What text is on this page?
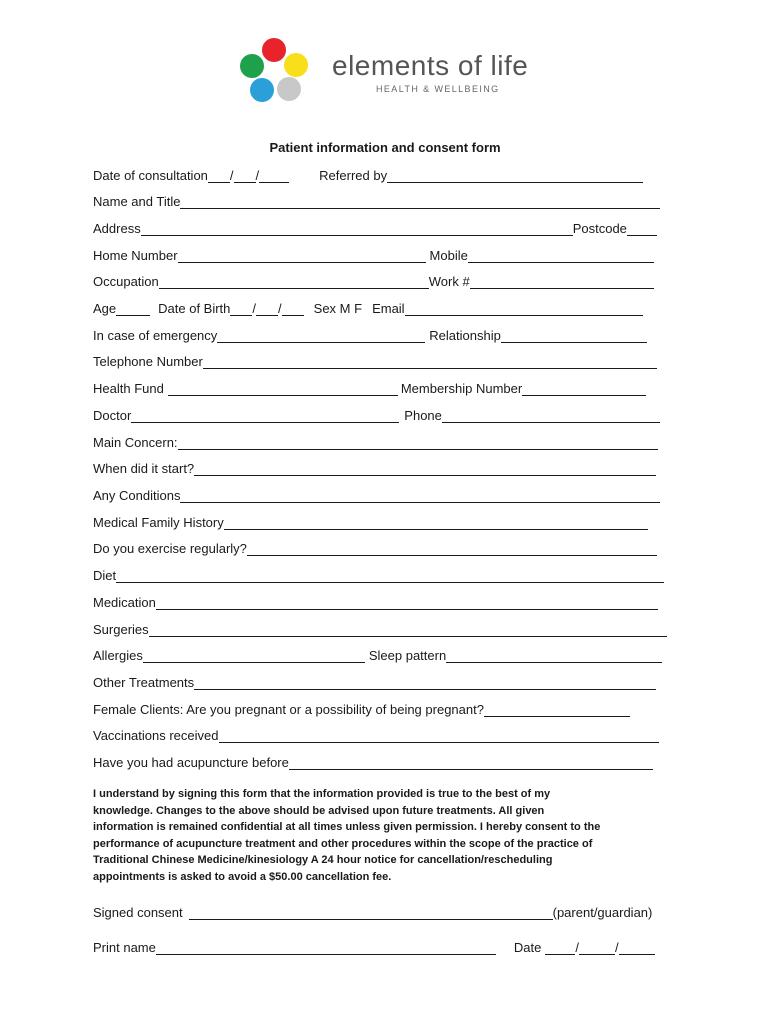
elements of life
HEALTH & WELLBEING
Patient information and consent form
Date of consultation / /	Referred by
Name and Title
Address	Postcode
Home Number	Mobile
Occupation	Work #
Age	Date of Birth / / Sex M F Email
In case of emergency	Relationship
Telephone Number
Health Fund	Membership Number
Doctor	Phone
Main Concern:
When did it start?
Any Conditions
Medical Family History
Do you exercise regularly?
Diet
Medication
Surgeries
Allergies	Sleep pattern
Other Treatments
Female Clients: Are you pregnant or a possibility of being pregnant?
Vaccinations received
Have you had acupuncture before
I understand by signing this form that the information provided is true to the best of my
knowledge. Changes to the above should be advised upon future treatments. All given
information is remained confidential at all times unless given permission. I hereby consent to the
performance of acupuncture treatment and other procedures within the scope of the practice of
Traditional Chinese Medicine/kinesiology A 24 hour notice for cancellation/rescheduling
appointments is asked to avoid a $50.00 cancellation fee.
Signed consent	(parent/guardian)
Print name	Date	/	/
